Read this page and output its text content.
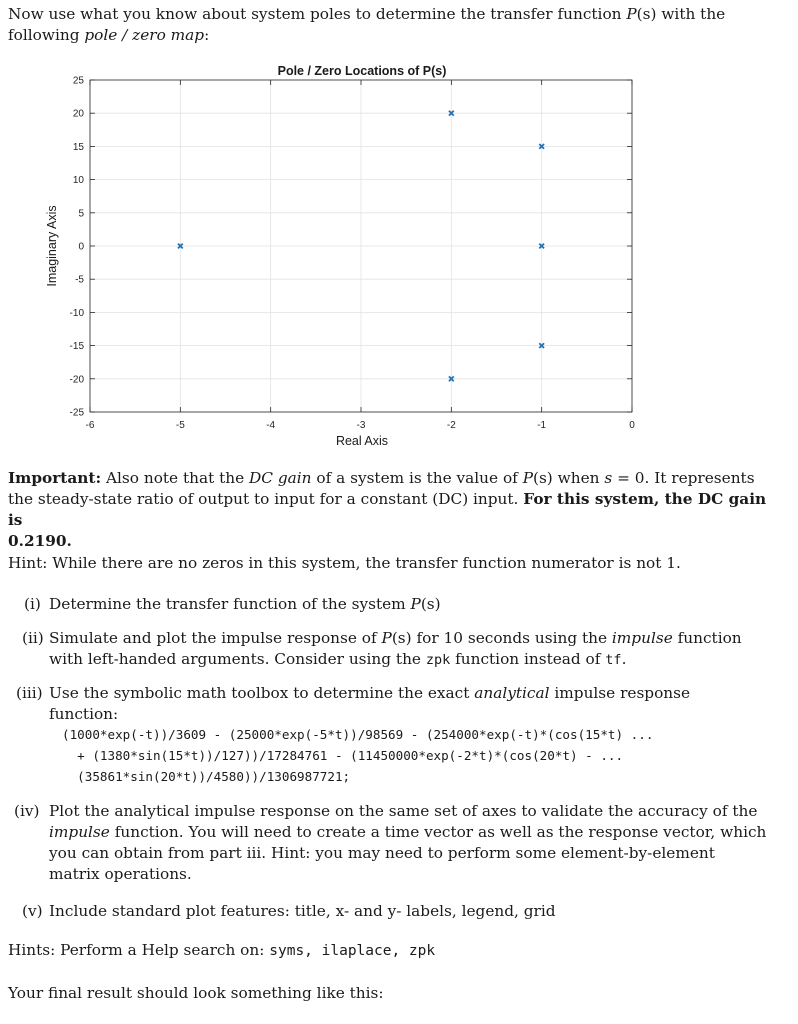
Now use what you know about system poles to determine the transfer function P(s) with the
following pole / zero map:
-6	-5	-4	-3	-2	-1	0
25
20
15
10
5
0
-5
-10
-15
-20
-25
Pole / Zero Locations of P(s)
Real Axis
Imaginary Axis
Important: Also note that the DC gain of a system is the value of P(s) when s = 0. It represents
the steady-state ratio of output to input for a constant (DC) input. For this system, the DC gain is
0.2190.
Hint: While there are no zeros in this system, the transfer function numerator is not 1.
(i) Determine the transfer function of the system P(s)
(ii) Simulate and plot the impulse response of P(s) for 10 seconds using the impulse function
with left-handed arguments. Consider using the zpk function instead of tf.
(iii) Use the symbolic math toolbox to determine the exact analytical impulse response function:
(1000*exp(-t))/3609 - (25000*exp(-5*t))/98569 - (254000*exp(-t)*(cos(15*t) ...
+ (1380*sin(15*t))/127))/17284761 - (11450000*exp(-2*t)*(cos(20*t) - ...
(35861*sin(20*t))/4580))/1306987721;
(iv) Plot the analytical impulse response on the same set of axes to validate the accuracy of the
impulse function. You will need to create a time vector as well as the response vector, which
you can obtain from part iii. Hint: you may need to perform some element-by-element
matrix operations.
(v) Include standard plot features: title, x- and y- labels, legend, grid
Hints: Perform a Help search on: syms, ilaplace, zpk
Your final result should look something like this:
